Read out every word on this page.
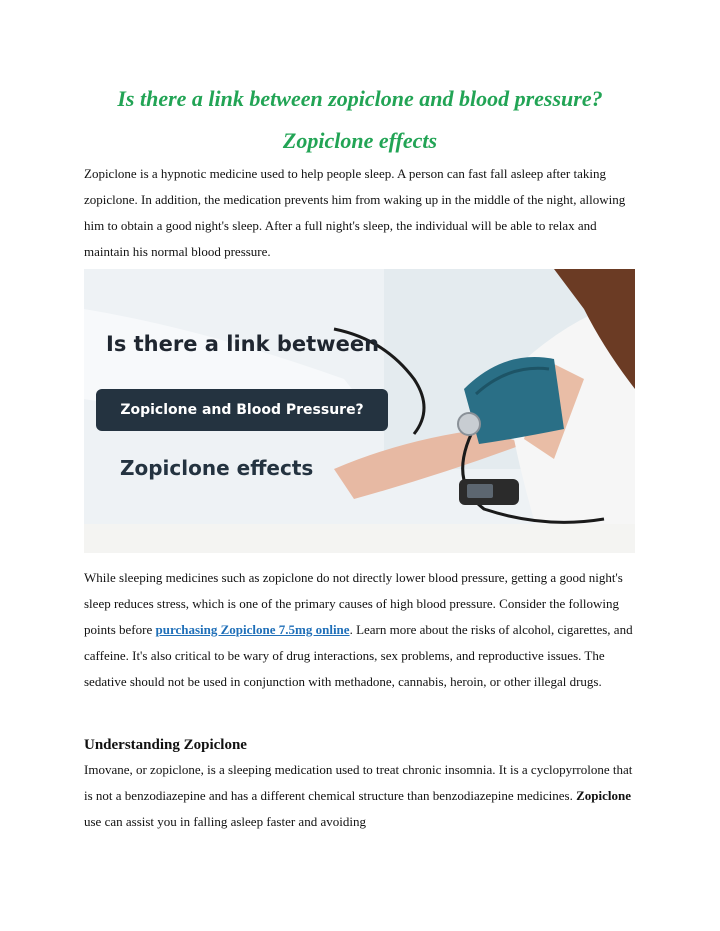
Is there a link between zopiclone and blood pressure?
Zopiclone effects

Zopiclone is a hypnotic medicine used to help people sleep. A person can fast fall asleep after taking zopiclone. In addition, the medication prevents him from waking up in the middle of the night, allowing him to obtain a good night's sleep. After a full night's sleep, the individual will be able to relax and maintain his normal blood pressure.

Is there a link between

Zopiclone and Blood Pressure?

Zopiclone effects

While sleeping medicines such as zopiclone do not directly lower blood pressure, getting a good night's sleep reduces stress, which is one of the primary causes of high blood pressure. Consider the following points before purchasing Zopiclone 7.5mg online. Learn more about the risks of alcohol, cigarettes, and caffeine. It's also critical to be wary of drug interactions, sex problems, and reproductive issues. The sedative should not be used in conjunction with methadone, cannabis, heroin, or other illegal drugs.

Understanding Zopiclone

Imovane, or zopiclone, is a sleeping medication used to treat chronic insomnia. It is a cyclopyrrolone that is not a benzodiazepine and has a different chemical structure than benzodiazepine medicines. Zopiclone use can assist you in falling asleep faster and avoiding
